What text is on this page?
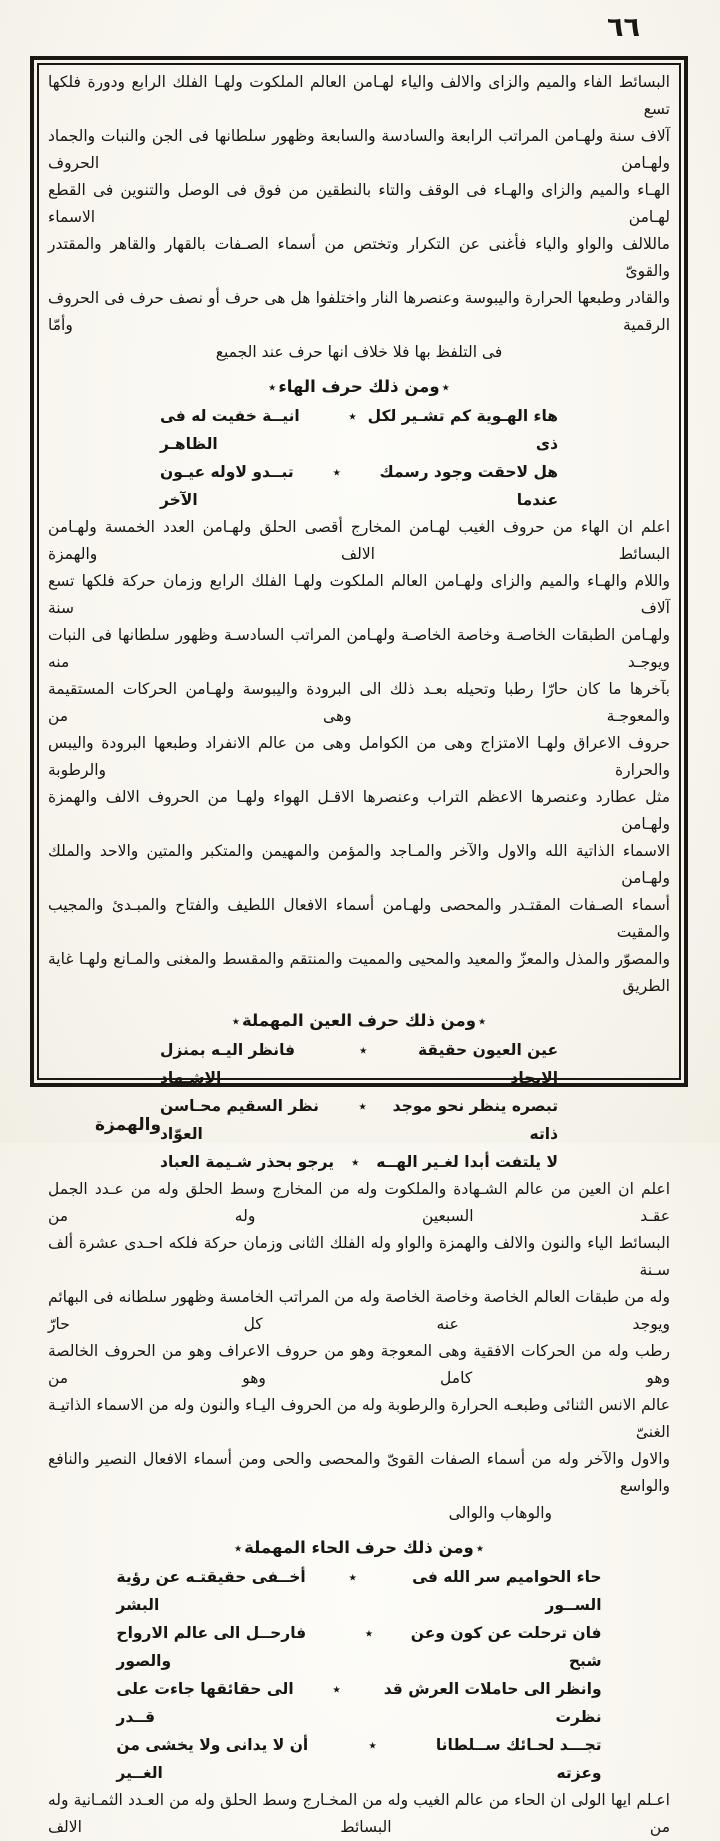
٦٦
البسائط الفاء والميم والزاى والالف والياء لهـامن العالم الملكوت ولهـا الفلك الرابع ودورة فلكها تسع
آلاف سنة ولهـامن المراتب الرابعة والسادسة والسابعة وظهور سلطانها فى الجن والنبات والجماد ولهـامن الحروف
الهـاء والميم والزاى والهـاء فى الوقف والتاء بالنطقين من فوق فى الوصل والتنوين فى القطع لهـامن الاسماء
ماللالف والواو والياء فأغنى عن التكرار وتختص من أسماء الصـفات بالقهار والقاهر والمقتدر والقوىّ
والقادر وطبعها الحرارة واليبوسة وعنصرها النار واختلفوا هل هى حرف أو نصف حرف فى الحروف الرقمية وأمّا
فى التلفظ بها فلا خلاف انها حرف عند الجميع
٭ومن ذلك حرف الهاء٭
هاء الهـوية كم تشـير لكل ذى
٭
انيــة خفيت له فى الظاهـر
هل لاحقت وجود رسمك عندما
٭
تبــدو لاوله عيـون الآخر
اعلم ان الهاء من حروف الغيب لهـامن المخارج أقصى الحلق ولهـامن العدد الخمسة ولهـامن البسائط الالف والهمزة
واللام والهـاء والميم والزاى ولهـامن العالم الملكوت ولهـا الفلك الرابع وزمان حركة فلكها تسع آلاف سنة
ولهـامن الطبقات الخاصـة وخاصة الخاصـة ولهـامن المراتب السادسـة وظهور سلطانها فى النبات ويوجـد منه
بآخرها ما كان حارّا رطبا وتحيله بعـد ذلك الى البرودة واليبوسة ولهـامن الحركات المستقيمة والمعوجـة وهى من
حروف الاعراق ولهـا الامتزاج وهى من الكوامل وهى من عالم الانفراد وطبعها البرودة واليبس والحرارة والرطوبة
مثل عطارد وعنصرها الاعظم التراب وعنصرها الاقـل الهواء ولهـا من الحروف الالف والهمزة ولهـامن
الاسماء الذاتية الله والاول والآخر والمـاجد والمؤمن والمهيمن والمتكبر والمتين والاحد والملك ولهـامن
أسماء الصـفات المقتـدر والمحصى ولهـامن أسماء الافعال اللطيف والفتاح والمبـدئ والمجيب والمقيت
والمصوّر والمذل والمعزّ والمعيد والمحيى والمميت والمنتقم والمقسط والمغنى والمـانع ولهـا غاية الطريق
٭ومن ذلك حرف العين المهملة٭
عين العيون حقيقة الايجاد
٭
فانظر اليـه بمنزل الاشـهاد
تبصره ينظر نحو موجد ذاته
٭
نظر السقيم محـاسن العوّاد
لا يلتفت أبدا لغـير الهــه
٭
يرجو بحذر شـيمة العباد
اعلم ان العين من عالم الشـهادة والملكوت وله من المخارج وسط الحلق وله من عـدد الجمل عقـد السبعين وله من
البسائط الياء والنون والالف والهمزة والواو وله الفلك الثانى وزمان حركة فلكه احـدى عشرة ألف سـنة
وله من طبقات العالم الخاصة وخاصة الخاصة وله من المراتب الخامسة وظهور سلطانه فى البهائم ويوجد عنه كل حارّ
رطب وله من الحركات الافقية وهى المعوجة وهو من حروف الاعراف وهو من الحروف الخالصة وهو كامل وهو من
عالم الانس الثنائى وطبعـه الحرارة والرطوبة وله من الحروف اليـاء والنون وله من الاسماء الذاتيـة الغنىّ
والاول والآخر وله من أسماء الصفات القوىّ والمحصى والحى ومن أسماء الافعال النصير والنافع والواسع
والوهاب والوالى
٭ومن ذلك حرف الحاء المهملة٭
حاء الحواميم سر الله فى الســور
٭
أخــفى حقيقتـه عن رؤية البشر
فان ترحلت عن كون وعن شبح
٭
فارحــل الى عالم الارواح والصور
وانظر الى حاملات العرش قد نظرت
٭
الى حقائقها جاءت على قــدر
تجـــد لحـائك ســلطانا وعزته
٭
أن لا يدانى ولا يخشى من الغــير
اعـلم ايها الولى ان الحاء من عالم الغيب وله من المخـارج وسط الحلق وله من العـدد الثمـانية وله من البسائط الالف
والهمزة
